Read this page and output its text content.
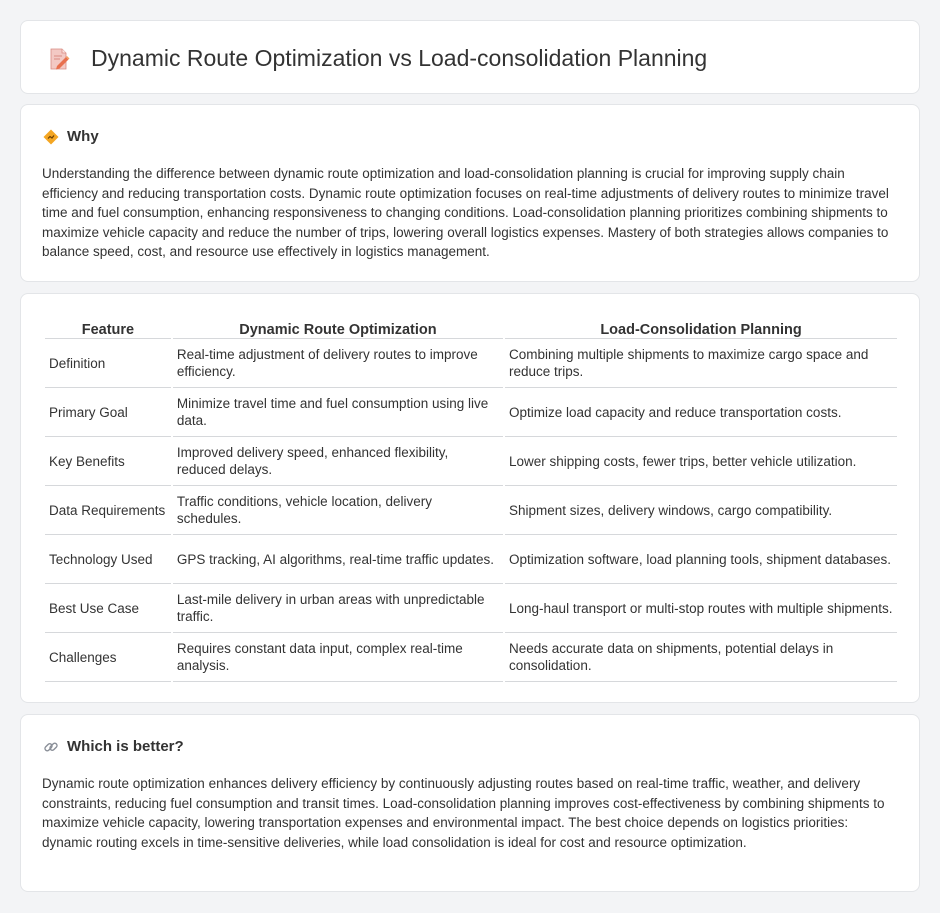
Dynamic Route Optimization vs Load-consolidation Planning
Why

Understanding the difference between dynamic route optimization and load-consolidation planning is crucial for improving supply chain efficiency and reducing transportation costs. Dynamic route optimization focuses on real-time adjustments of delivery routes to minimize travel time and fuel consumption, enhancing responsiveness to changing conditions. Load-consolidation planning prioritizes combining shipments to maximize vehicle capacity and reduce the number of trips, lowering overall logistics expenses. Mastery of both strategies allows companies to balance speed, cost, and resource use effectively in logistics management.

Feature	Dynamic Route Optimization	Load-Consolidation Planning
Definition	Real-time adjustment of delivery routes to improve efficiency.	Combining multiple shipments to maximize cargo space and reduce trips.
Primary Goal	Minimize travel time and fuel consumption using live data.	Optimize load capacity and reduce transportation costs.
Key Benefits	Improved delivery speed, enhanced flexibility, reduced delays.	Lower shipping costs, fewer trips, better vehicle utilization.
Data Requirements	Traffic conditions, vehicle location, delivery schedules.	Shipment sizes, delivery windows, cargo compatibility.
Technology Used	GPS tracking, AI algorithms, real-time traffic updates.	Optimization software, load planning tools, shipment databases.
Best Use Case	Last-mile delivery in urban areas with unpredictable traffic.	Long-haul transport or multi-stop routes with multiple shipments.
Challenges	Requires constant data input, complex real-time analysis.	Needs accurate data on shipments, potential delays in consolidation.
Which is better?

Dynamic route optimization enhances delivery efficiency by continuously adjusting routes based on real-time traffic, weather, and delivery constraints, reducing fuel consumption and transit times. Load-consolidation planning improves cost-effectiveness by combining shipments to maximize vehicle capacity, lowering transportation expenses and environmental impact. The best choice depends on logistics priorities: dynamic routing excels in time-sensitive deliveries, while load consolidation is ideal for cost and resource optimization.
